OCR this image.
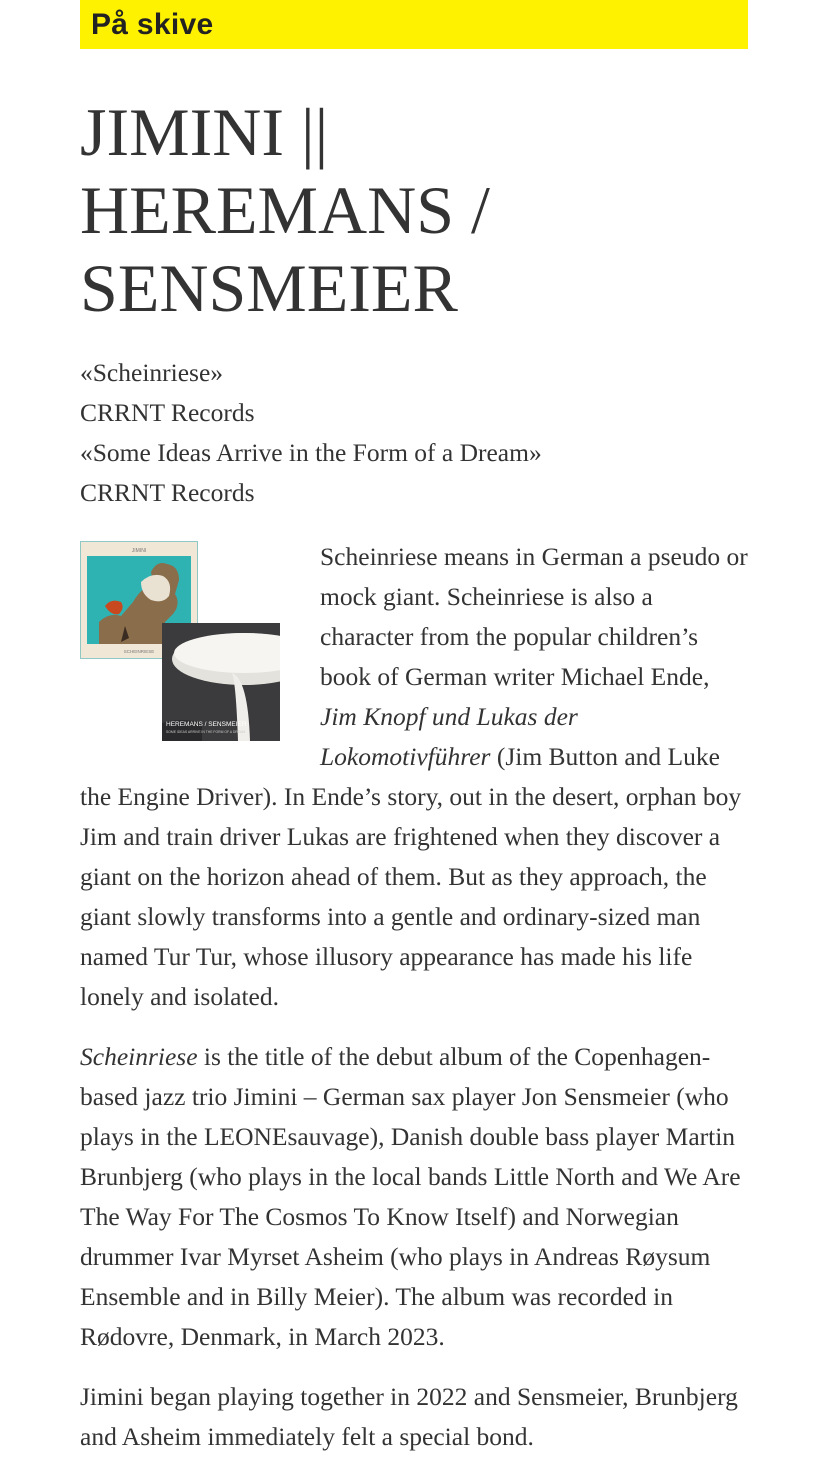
På skive
JIMINI || HEREMANS / SENSMEIER
«Scheinriese»
CRRNT Records
«Some Ideas Arrive in the Form of a Dream»
CRRNT Records
JIMINI
SCHEINRIESE
HEREMANS / SENSMEIER
SOME IDEAS ARRIVE IN THE FORM OF A DREAM

Scheinriese means in German a pseudo or mock giant. Scheinriese is also a character from the popular children’s book of German writer Michael Ende, Jim Knopf und Lukas der Lokomotivführer (Jim Button and Luke the Engine Driver). In Ende’s story, out in the desert, orphan boy Jim and train driver Lukas are frightened when they discover a giant on the horizon ahead of them. But as they approach, the giant slowly transforms into a gentle and ordinary-sized man named Tur Tur, whose illusory appearance has made his life lonely and isolated.

Scheinriese is the title of the debut album of the Copenhagen-based jazz trio Jimini – German sax player Jon Sensmeier (who plays in the LEONEsauvage), Danish double bass player Martin Brunbjerg (who plays in the local bands Little North and We Are The Way For The Cosmos To Know Itself) and Norwegian drummer Ivar Myrset Asheim (who plays in Andreas Røysum Ensemble and in Billy Meier). The album was recorded in Rødovre, Denmark, in March 2023.

Jimini began playing together in 2022 and Sensmeier, Brunbjerg and Asheim immediately felt a special bond.
